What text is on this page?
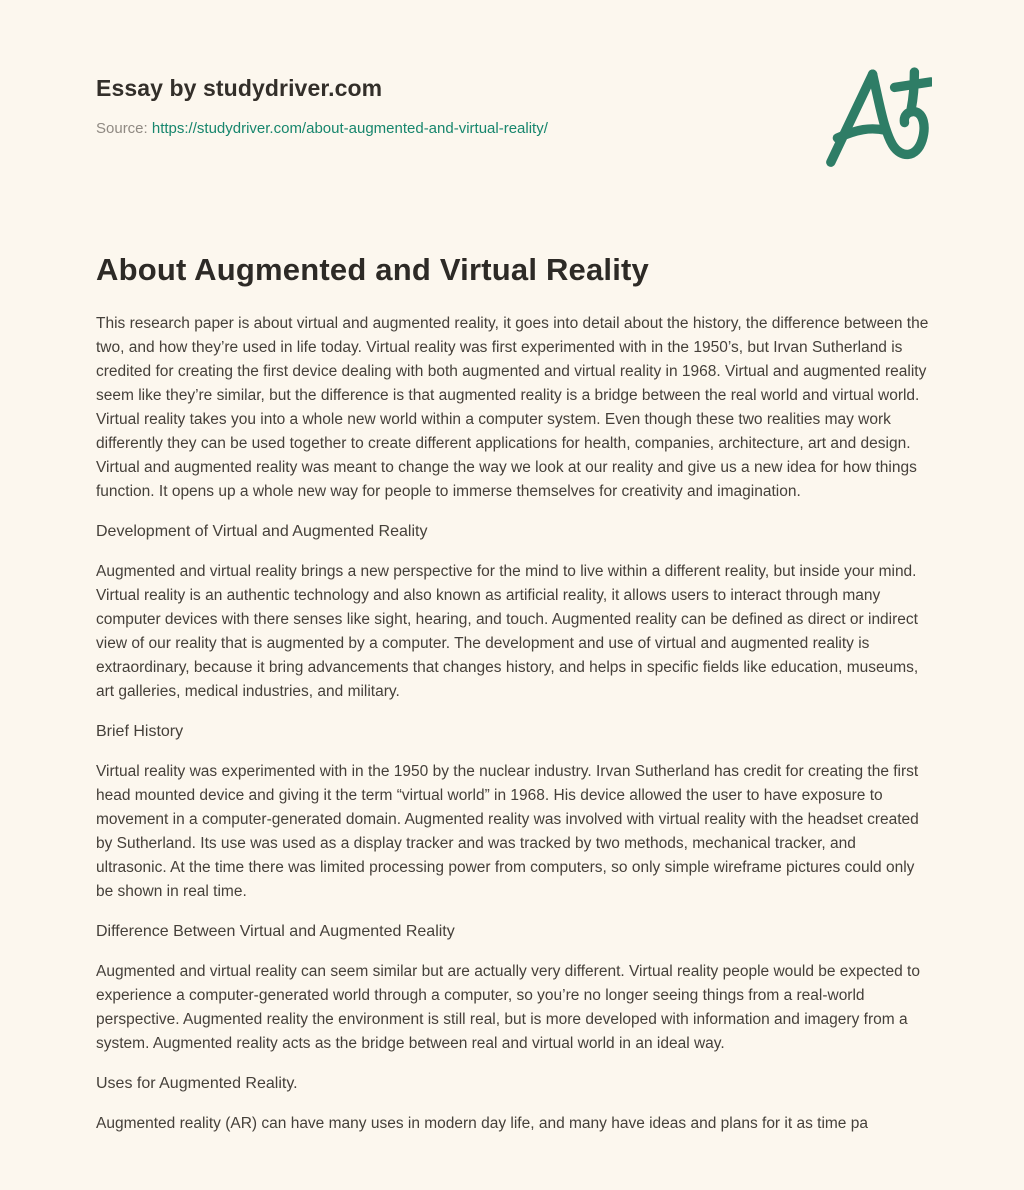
Essay by studydriver.com
Source: https://studydriver.com/about-augmented-and-virtual-reality/
About Augmented and Virtual Reality

This research paper is about virtual and augmented reality, it goes into detail about the history, the difference between the two, and how they’re used in life today. Virtual reality was first experimented with in the 1950’s, but Irvan Sutherland is credited for creating the first device dealing with both augmented and virtual reality in 1968. Virtual and augmented reality seem like they’re similar, but the difference is that augmented reality is a bridge between the real world and virtual world. Virtual reality takes you into a whole new world within a computer system. Even though these two realities may work differently they can be used together to create different applications for health, companies, architecture, art and design. Virtual and augmented reality was meant to change the way we look at our reality and give us a new idea for how things function. It opens up a whole new way for people to immerse themselves for creativity and imagination.

Development of Virtual and Augmented Reality

Augmented and virtual reality brings a new perspective for the mind to live within a different reality, but inside your mind. Virtual reality is an authentic technology and also known as artificial reality, it allows users to interact through many computer devices with there senses like sight, hearing, and touch. Augmented reality can be defined as direct or indirect view of our reality that is augmented by a computer. The development and use of virtual and augmented reality is extraordinary, because it bring advancements that changes history, and helps in specific fields like education, museums, art galleries, medical industries, and military.

Brief History

Virtual reality was experimented with in the 1950 by the nuclear industry. Irvan Sutherland has credit for creating the first head mounted device and giving it the term “virtual world” in 1968. His device allowed the user to have exposure to movement in a computer-generated domain. Augmented reality was involved with virtual reality with the headset created by Sutherland. Its use was used as a display tracker and was tracked by two methods, mechanical tracker, and ultrasonic. At the time there was limited processing power from computers, so only simple wireframe pictures could only be shown in real time.

Difference Between Virtual and Augmented Reality

Augmented and virtual reality can seem similar but are actually very different. Virtual reality people would be expected to experience a computer-generated world through a computer, so you’re no longer seeing things from a real-world perspective. Augmented reality the environment is still real, but is more developed with information and imagery from a system. Augmented reality acts as the bridge between real and virtual world in an ideal way.

Uses for Augmented Reality.

Augmented reality (AR) can have many uses in modern day life, and many have ideas and plans for it as time pa
